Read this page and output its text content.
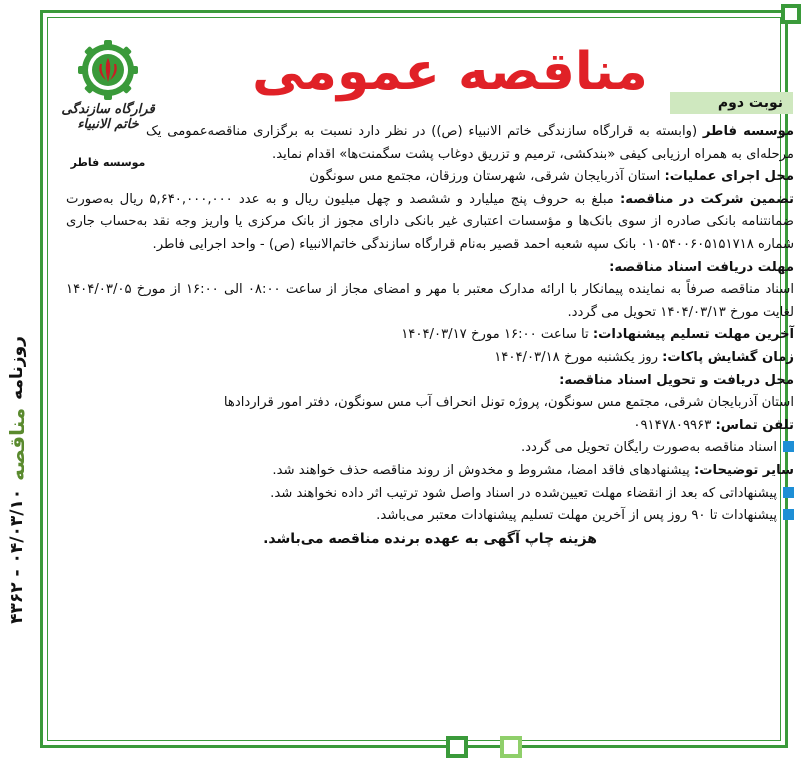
روزنامه
مناقصه
۰۴/۰۳/۱۰ - ۴۳۶۲
مناقصه عمومی
قرارگاه سازندگی خاتم الانبیاء
موسسه فاطر
نوبت دوم

موسسه فاطر (وابسته به قرارگاه سازندگی خاتم الانبیاء (ص)) در نظر دارد نسبت به برگزاری مناقصه‌عمومی یک مرحله‌ای به همراه ارزیابی کیفی «بندکشی، ترمیم و تزریق دوغاب پشت سگمنت‌ها» اقدام نماید.

محل اجرای عملیات: استان آذربایجان شرقی، شهرستان ورزقان، مجتمع مس سونگون

تضمین شرکت در مناقصه: مبلغ به حروف پنج میلیارد و ششصد و چهل میلیون ریال و به عدد ۵,۶۴۰,۰۰۰,۰۰۰ ریال به‌صورت ضمانتنامه بانکی صادره از سوی بانک‌ها و مؤسسات اعتباری غیر بانکی دارای مجوز از بانک مرکزی یا واریز وجه نقد به‌حساب جاری شماره ۰۱۰۵۴۰۰۶۰۵۱۵۱۷۱۸ بانک سپه شعبه احمد قصیر به‌نام قرارگاه سازندگی خاتم‌الانبیاء (ص) - واحد اجرایی فاطر.

مهلت دریافت اسناد مناقصه:

اسناد مناقصه صرفاً به نماینده پیمانکار با ارائه مدارک معتبر با مهر و امضای مجاز از ساعت ۰۸:۰۰ الی ۱۶:۰۰ از مورخ ۱۴۰۴/۰۳/۰۵ لغایت مورخ ۱۴۰۴/۰۳/۱۳ تحویل می گردد.

آخرین مهلت تسلیم پیشنهادات: تا ساعت ۱۶:۰۰ مورخ ۱۴۰۴/۰۳/۱۷

زمان گشایش پاکات: روز یکشنبه مورخ ۱۴۰۴/۰۳/۱۸

محل دریافت و تحویل اسناد مناقصه:

استان آذربایجان شرقی، مجتمع مس سونگون، پروژه تونل انحراف آب مس سونگون، دفتر امور قراردادها

تلفن تماس: ۰۹۱۴۷۸۰۹۹۶۳

اسناد مناقصه به‌صورت رایگان تحویل می گردد.

سایر توضیحات: پیشنهادهای فاقد امضا، مشروط و مخدوش از روند مناقصه حذف خواهند شد.

پیشنهاداتی که بعد از انقضاء مهلت تعیین‌شده در اسناد واصل شود ترتیب اثر داده نخواهند شد.

پیشنهادات تا ۹۰ روز پس از آخرین مهلت تسلیم پیشنهادات معتبر می‌باشد.

هزینه چاپ آگهی به عهده برنده مناقصه می‌باشد.
